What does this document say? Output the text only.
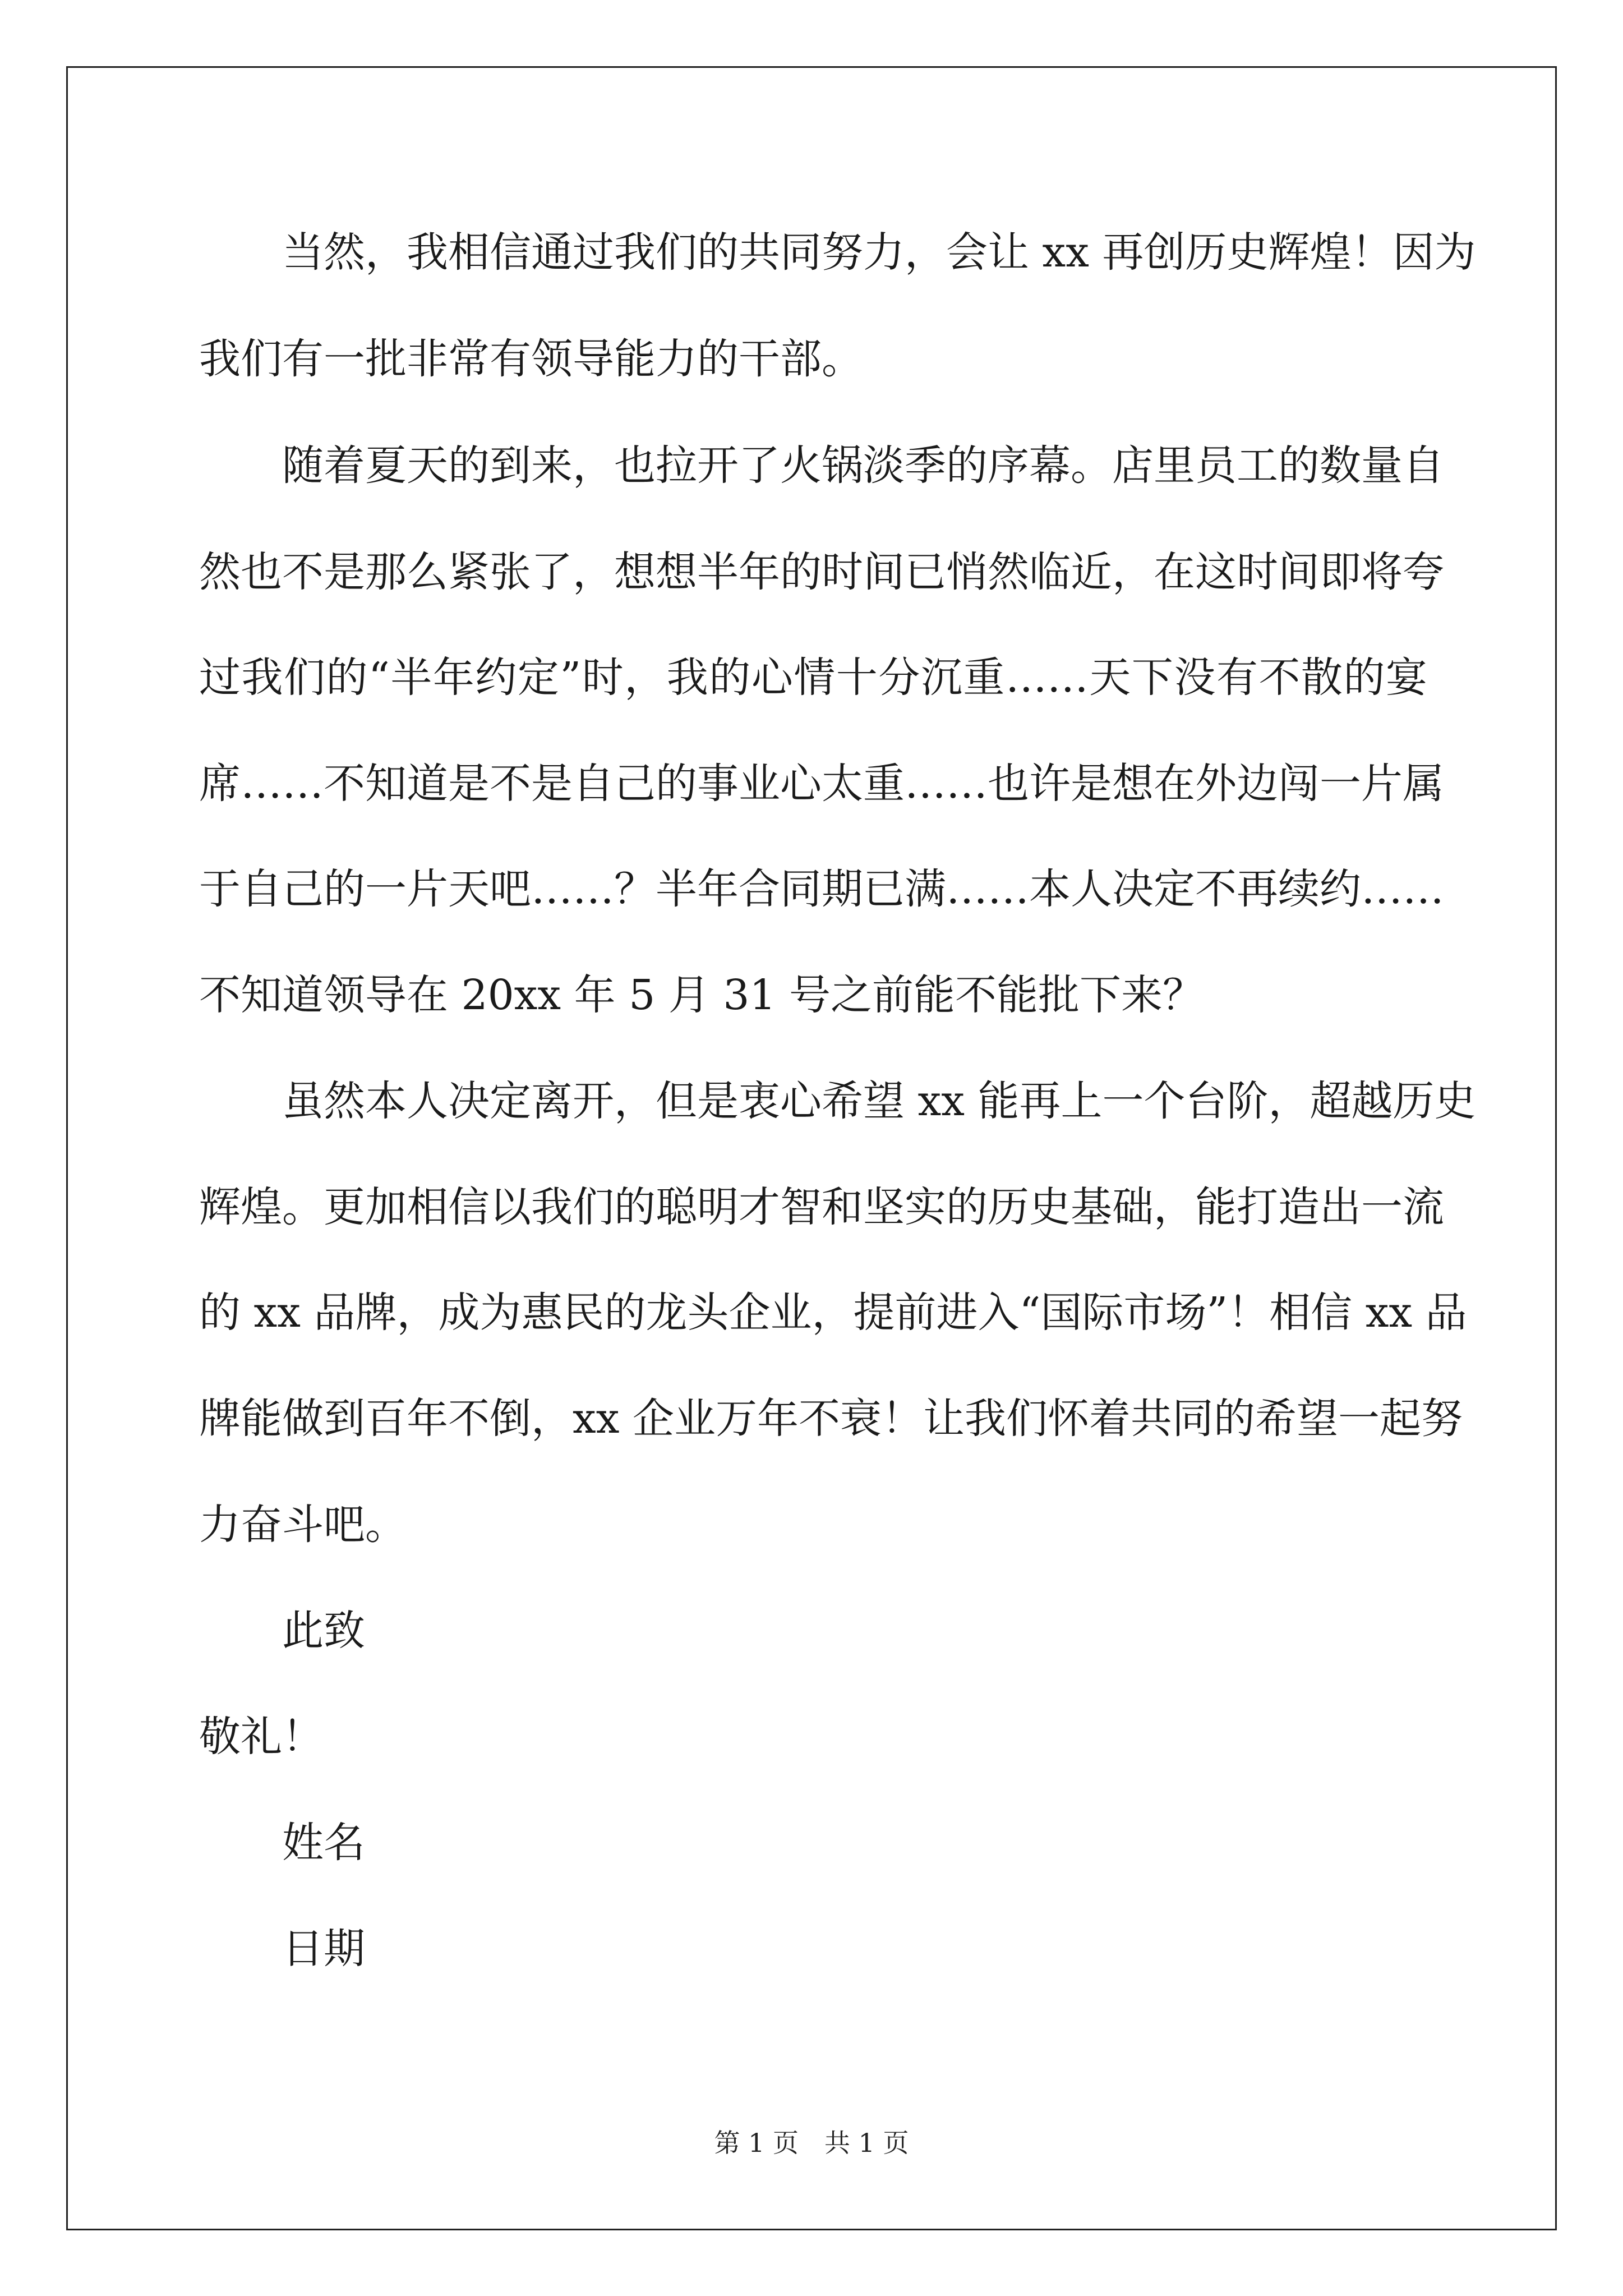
当然，我相信通过我们的共同努力，会让 xx 再创历史辉煌！因为
我们有一批非常有领导能力的干部。
随着夏天的到来，也拉开了火锅淡季的序幕。店里员工的数量自
然也不是那么紧张了，想想半年的时间已悄然临近，在这时间即将夸
过我们的“半年约定”时，我的心情十分沉重……天下没有不散的宴
席……不知道是不是自己的事业心太重……也许是想在外边闯一片属
于自己的一片天吧……？半年合同期已满……本人决定不再续约……
不知道领导在 20xx 年 5 月 31 号之前能不能批下来？
虽然本人决定离开，但是衷心希望 xx 能再上一个台阶，超越历史
辉煌。更加相信以我们的聪明才智和坚实的历史基础，能打造出一流
的 xx 品牌，成为惠民的龙头企业，提前进入“国际市场”！相信 xx 品
牌能做到百年不倒，xx 企业万年不衰！让我们怀着共同的希望一起努
力奋斗吧。
此致
敬礼！
姓名
日期
第 1 页 共 1 页
